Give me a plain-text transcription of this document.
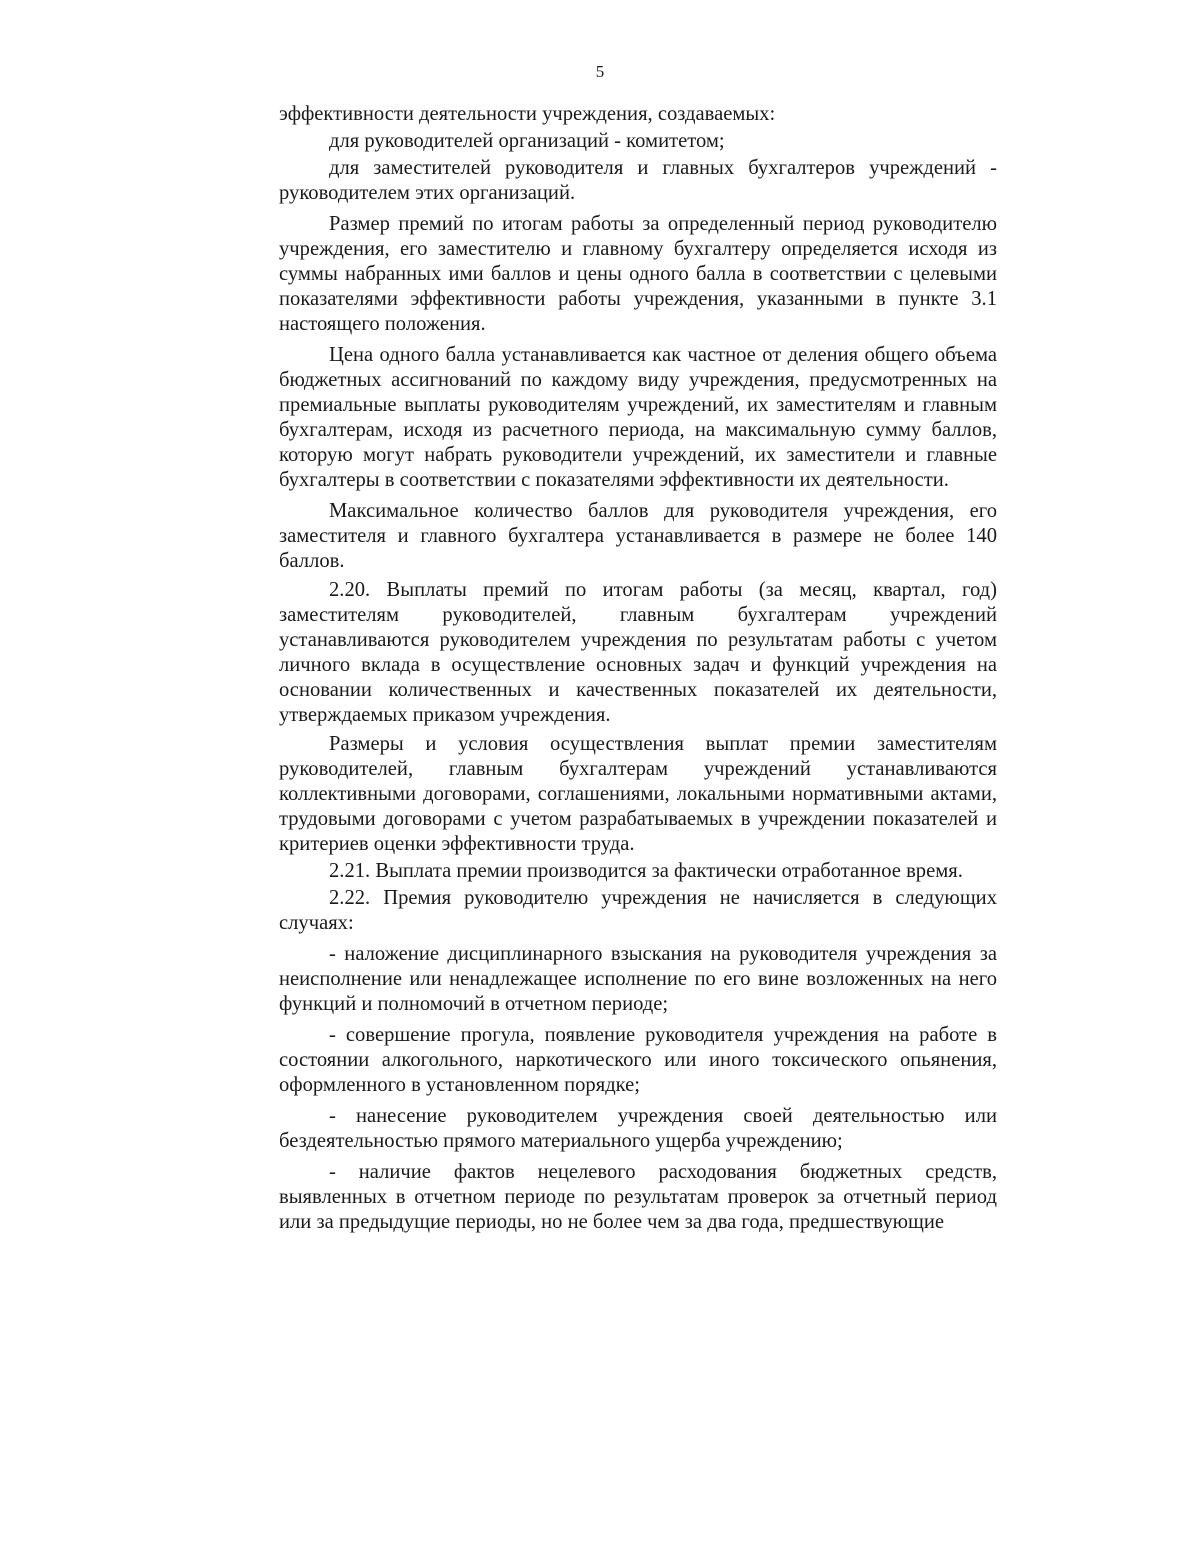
5

эффективности деятельности учреждения, создаваемых:

для руководителей организаций - комитетом;

для заместителей руководителя и главных бухгалтеров учреждений - руководителем этих организаций.

Размер премий по итогам работы за определенный период руководителю учреждения, его заместителю и главному бухгалтеру определяется исходя из суммы набранных ими баллов и цены одного балла в соответствии с целевыми показателями эффективности работы учреждения, указанными в пункте 3.1 настоящего положения.

Цена одного балла устанавливается как частное от деления общего объема бюджетных ассигнований по каждому виду учреждения, предусмотренных на премиальные выплаты руководителям учреждений, их заместителям и главным бухгалтерам, исходя из расчетного периода, на максимальную сумму баллов, которую могут набрать руководители учреждений, их заместители и главные бухгалтеры в соответствии с показателями эффективности их деятельности.

Максимальное количество баллов для руководителя учреждения, его заместителя и главного бухгалтера устанавливается в размере не более 140 баллов.

2.20. Выплаты премий по итогам работы (за месяц, квартал, год) заместителям руководителей, главным бухгалтерам учреждений устанавливаются руководителем учреждения по результатам работы с учетом личного вклада в осуществление основных задач и функций учреждения на основании количественных и качественных показателей их деятельности, утверждаемых приказом учреждения.

Размеры и условия осуществления выплат премии заместителям руководителей, главным бухгалтерам учреждений устанавливаются коллективными договорами, соглашениями, локальными нормативными актами, трудовыми договорами с учетом разрабатываемых в учреждении показателей и критериев оценки эффективности труда.

2.21. Выплата премии производится за фактически отработанное время.

2.22. Премия руководителю учреждения не начисляется в следующих случаях:

- наложение дисциплинарного взыскания на руководителя учреждения за неисполнение или ненадлежащее исполнение по его вине возложенных на него функций и полномочий в отчетном периоде;

- совершение прогула, появление руководителя учреждения на работе в состоянии алкогольного, наркотического или иного токсического опьянения, оформленного в установленном порядке;

- нанесение руководителем учреждения своей деятельностью или бездеятельностью прямого материального ущерба учреждению;

- наличие фактов нецелевого расходования бюджетных средств, выявленных в отчетном периоде по результатам проверок за отчетный период или за предыдущие периоды, но не более чем за два года, предшествующие
